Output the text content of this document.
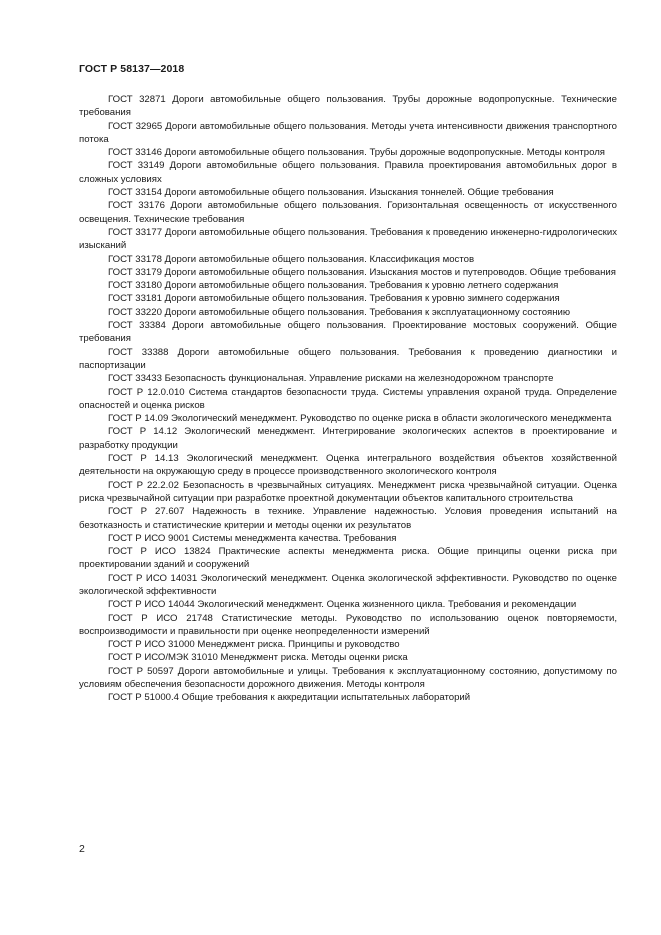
ГОСТ Р 58137—2018
ГОСТ 32871 Дороги автомобильные общего пользования. Трубы дорожные водопропускные. Технические требования
ГОСТ 32965 Дороги автомобильные общего пользования. Методы учета интенсивности движения транспортного потока
ГОСТ 33146 Дороги автомобильные общего пользования. Трубы дорожные водопропускные. Методы контроля
ГОСТ 33149 Дороги автомобильные общего пользования. Правила проектирования автомобильных дорог в сложных условиях
ГОСТ 33154 Дороги автомобильные общего пользования. Изыскания тоннелей. Общие требования
ГОСТ 33176 Дороги автомобильные общего пользования. Горизонтальная освещенность от искусственного освещения. Технические требования
ГОСТ 33177 Дороги автомобильные общего пользования. Требования к проведению инженерно-гидрологических изысканий
ГОСТ 33178 Дороги автомобильные общего пользования. Классификация мостов
ГОСТ 33179 Дороги автомобильные общего пользования. Изыскания мостов и путепроводов. Общие требования
ГОСТ 33180 Дороги автомобильные общего пользования. Требования к уровню летнего содержания
ГОСТ 33181 Дороги автомобильные общего пользования. Требования к уровню зимнего содержания
ГОСТ 33220 Дороги автомобильные общего пользования. Требования к эксплуатационному состоянию
ГОСТ 33384 Дороги автомобильные общего пользования. Проектирование мостовых сооружений. Общие требования
ГОСТ 33388 Дороги автомобильные общего пользования. Требования к проведению диагностики и паспортизации
ГОСТ 33433 Безопасность функциональная. Управление рисками на железнодорожном транспорте
ГОСТ Р 12.0.010 Система стандартов безопасности труда. Системы управления охраной труда. Определение опасностей и оценка рисков
ГОСТ Р 14.09 Экологический менеджмент. Руководство по оценке риска в области экологического менеджмента
ГОСТ Р 14.12 Экологический менеджмент. Интегрирование экологических аспектов в проектирование и разработку продукции
ГОСТ Р 14.13 Экологический менеджмент. Оценка интегрального воздействия объектов хозяйственной деятельности на окружающую среду в процессе производственного экологического контроля
ГОСТ Р 22.2.02 Безопасность в чрезвычайных ситуациях. Менеджмент риска чрезвычайной ситуации. Оценка риска чрезвычайной ситуации при разработке проектной документации объектов капитального строительства
ГОСТ Р 27.607 Надежность в технике. Управление надежностью. Условия проведения испытаний на безотказность и статистические критерии и методы оценки их результатов
ГОСТ Р ИСО 9001 Системы менеджмента качества. Требования
ГОСТ Р ИСО 13824 Практические аспекты менеджмента риска. Общие принципы оценки риска при проектировании зданий и сооружений
ГОСТ Р ИСО 14031 Экологический менеджмент. Оценка экологической эффективности. Руководство по оценке экологической эффективности
ГОСТ Р ИСО 14044 Экологический менеджмент. Оценка жизненного цикла. Требования и рекомендации
ГОСТ Р ИСО 21748 Статистические методы. Руководство по использованию оценок повторяемости, воспроизводимости и правильности при оценке неопределенности измерений
ГОСТ Р ИСО 31000 Менеджмент риска. Принципы и руководство
ГОСТ Р ИСО/МЭК 31010 Менеджмент риска. Методы оценки риска
ГОСТ Р 50597 Дороги автомобильные и улицы. Требования к эксплуатационному состоянию, допустимому по условиям обеспечения безопасности дорожного движения. Методы контроля
ГОСТ Р 51000.4 Общие требования к аккредитации испытательных лабораторий
2
